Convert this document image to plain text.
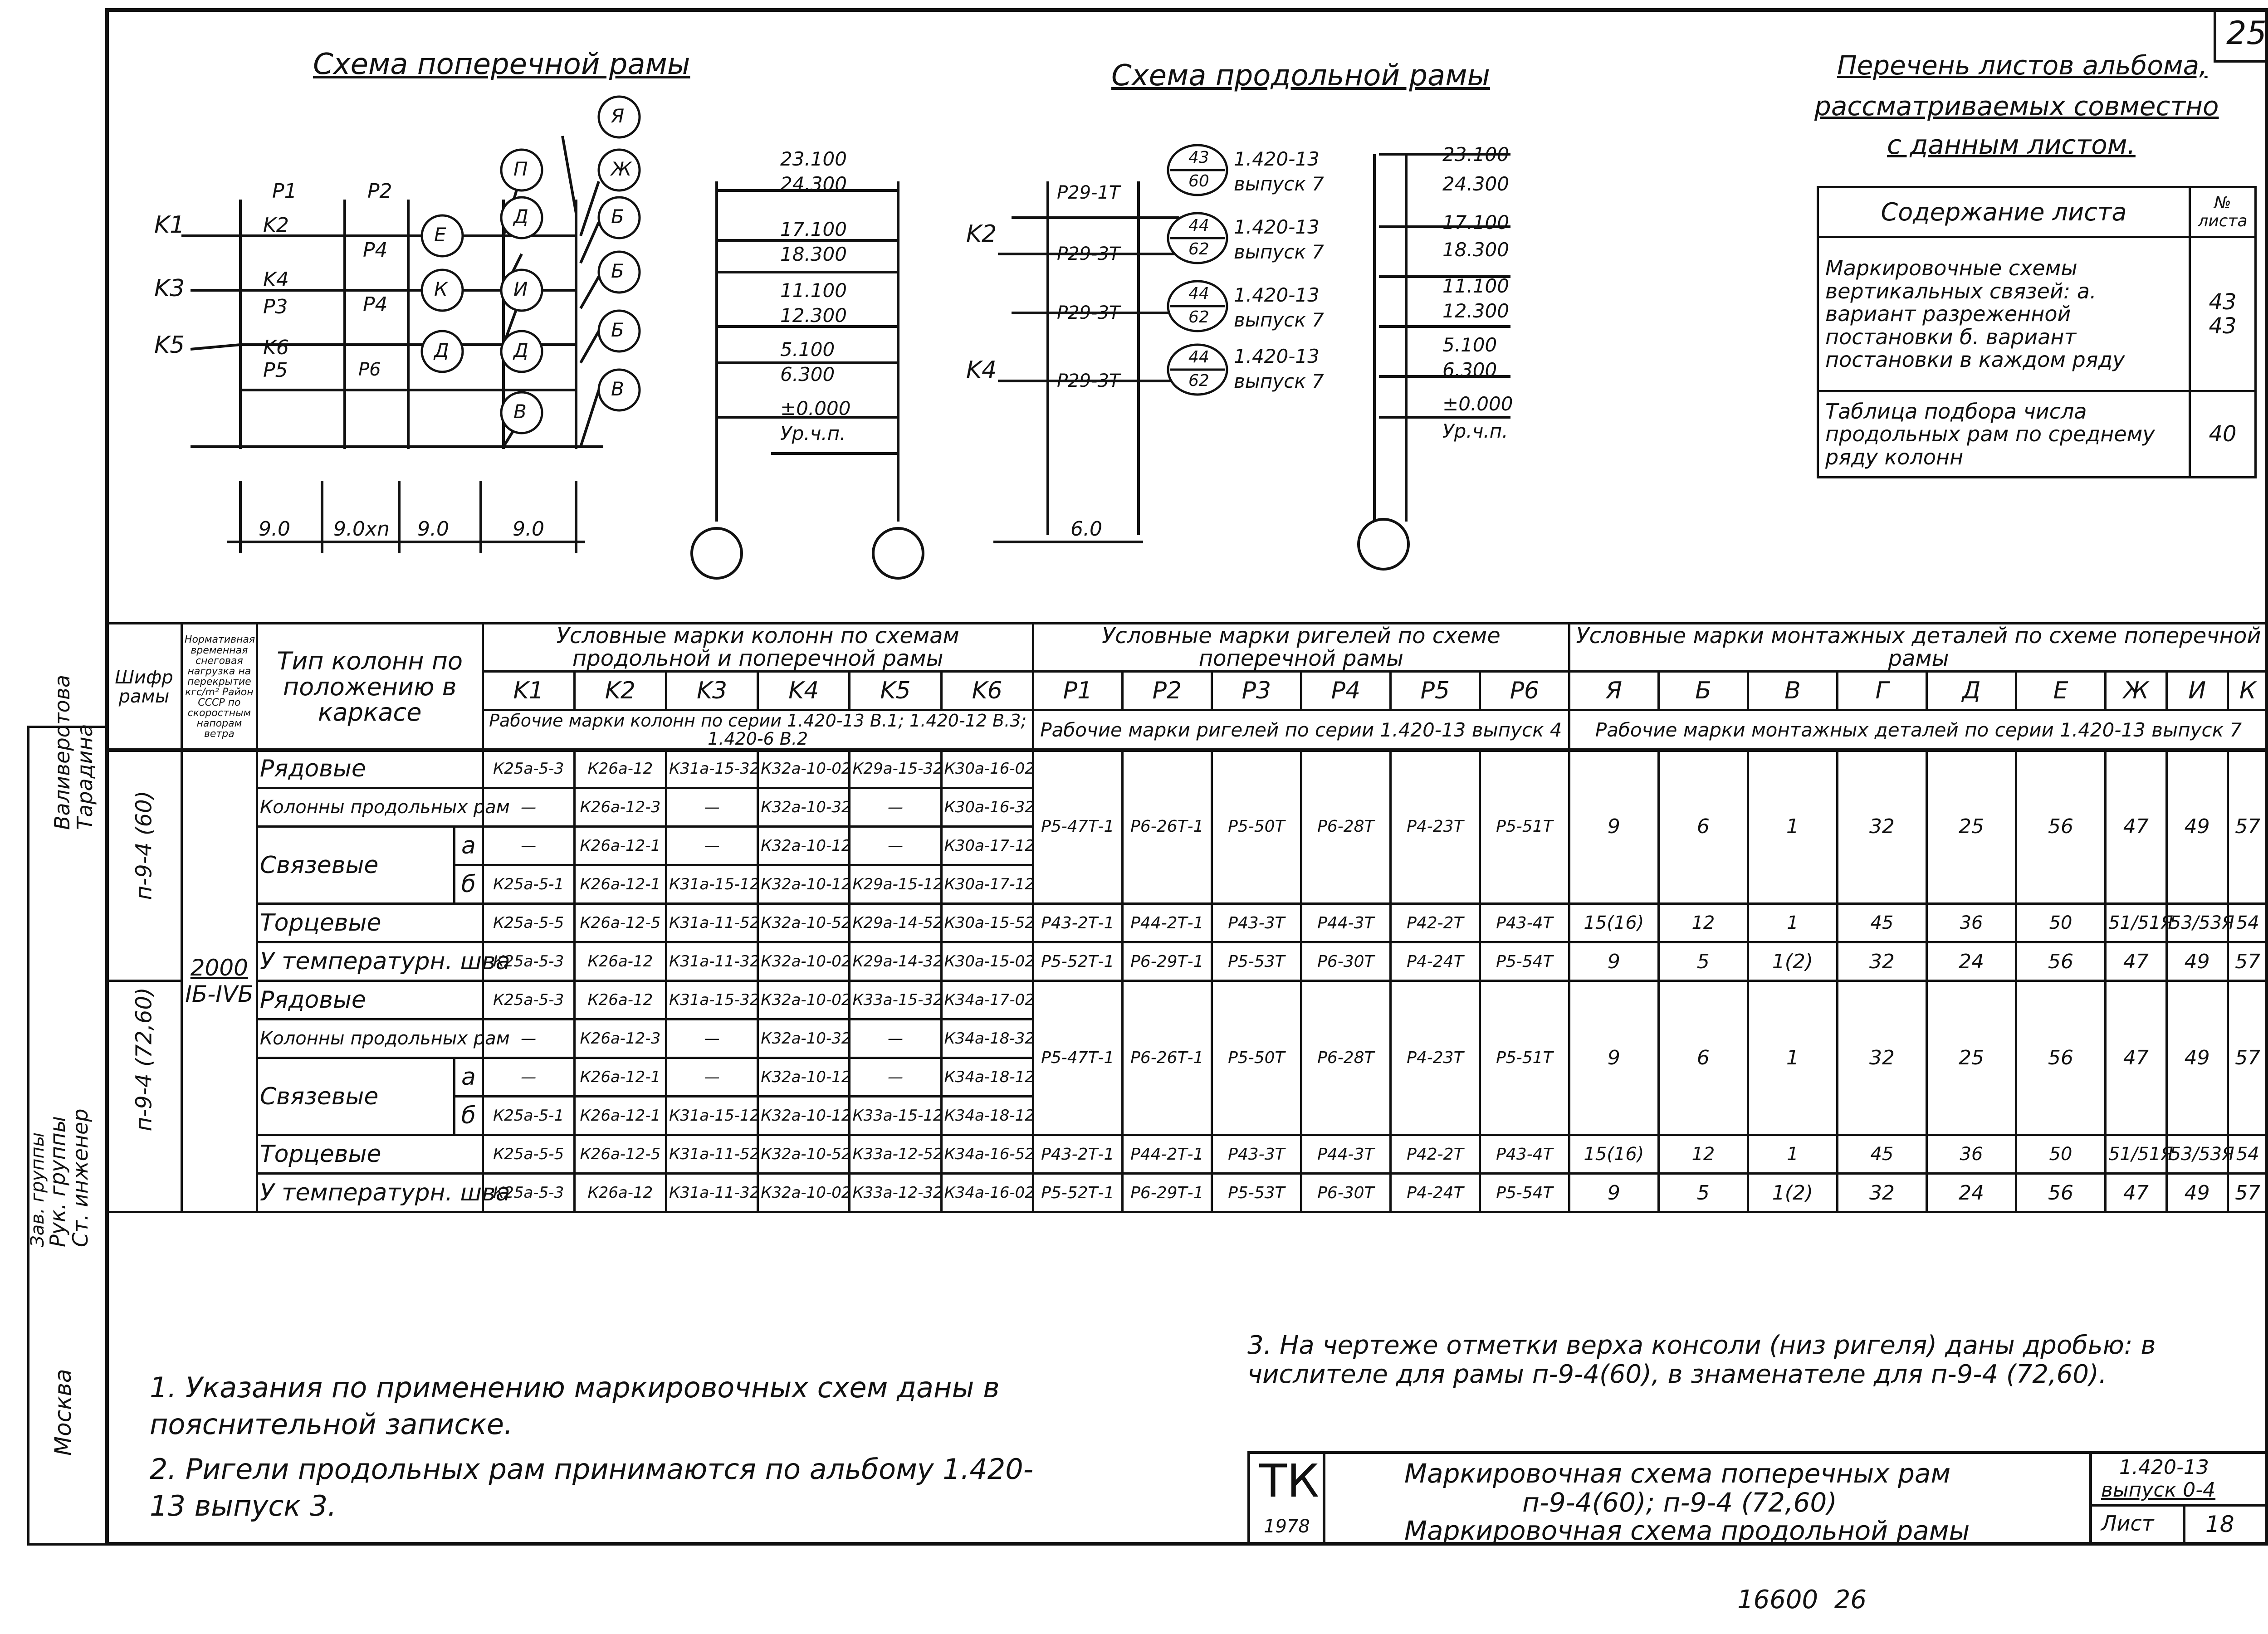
25
Схема поперечной рамы	Схема продольной рамы
K1
K3
K5
K2
K4
K6
P1	P2
P3
P4
P4
P5	P6
Я
Ж
П
Е
Д	Б
К	И
Б
Д	Д
Б
В
В
9.0 9.0хn 9.0	9.0
23.100
24.300
17.100
18.300
11.100
12.300
5.100
6.300
±0.000
Ур.ч.п.
K2
K4
P29-1Т
P29-3Т
P29-3Т
P29-3Т
6.0
43
60
1.420-13
выпуск 7
44
62
1.420-13
выпуск 7
44
62
1.420-13
выпуск 7
44
62
1.420-13
выпуск 7
23.100
24.300
17.100
18.300
11.100
12.300
5.100
6.300
±0.000
Ур.ч.п.
Перечень листов альбома,
рассматриваемых совместно
с данным листом.
Содержание листа	№ листа
Маркировочные схемы вертикальных связей: а. вариант разреженной постановки б. вариант постановки в каждом ряду	43
43
Таблица подбора числа продольных рам по среднему ряду колонн	40
Шифр рамы	Нормативная временная снеговая нагрузка на перекрытие кгс/m² Район СССР по скоростным напорам ветра	Тип колонн по положению в каркасе	Условные марки колонн по схемам продольной и поперечной рамы						Условные марки ригелей по схеме поперечной рамы						Условные марки монтажных деталей по схеме поперечной рамы								
			K1	K2	K3	K4	K5	K6	P1	P2	P3	P4	P5	P6	Я	Б	В	Г	Д	Е	Ж	И	К
			Рабочие марки колонн по серии 1.420-13 В.1; 1.420-12 В.3; 1.420-6 В.2						Рабочие марки ригелей по серии 1.420-13 выпуск 4						Рабочие марки монтажных деталей по серии 1.420-13 выпуск 7								
п-9-4 (60)	2000
IБ-IVБ	Рядовые		К25а-5-3	К26а-12	К31а-15-32	К32а-10-02	К29а-15-32	К30а-16-02	P5-47Т-1	P6-26Т-1	P5-50Т	P6-28Т	P4-23Т	P5-51Т	9	6	1	32	25	56	47	49	57
		Колонны продольных рам		—	К26а-12-3	—	К32а-10-32	—	К30а-16-32															
		Связевые	а	—	К26а-12-1	—	К32а-10-12	—	К30а-17-12															
			б	К25а-5-1	К26а-12-1	К31а-15-12	К32а-10-12	К29а-15-12	К30а-17-12															
		Торцевые		К25а-5-5	К26а-12-5	К31а-11-52	К32а-10-52	К29а-14-52	К30а-15-52	P43-2Т-1	P44-2Т-1	P43-3Т	P44-3Т	P42-2Т	P43-4Т	15(16)	12	1	45	36	50	51/51Я	53/53Я	54
		У температурн. шва		К25а-5-3	К26а-12	К31а-11-32	К32а-10-02	К29а-14-32	К30а-15-02	P5-52Т-1	P6-29Т-1	P5-53Т	P6-30Т	P4-24Т	P5-54Т	9	5	1(2)	32	24	56	47	49	57

п-9-4 (72,60)		Рядовые		К25а-5-3	К26а-12	К31а-15-32	К32а-10-02	К33а-15-32	К34а-17-02	P5-47Т-1	P6-26Т-1	P5-50Т	P6-28Т	P4-23Т	P5-51Т	9	6	1	32	25	56	47	49	57
		Колонны продольных рам		—	К26а-12-3	—	К32а-10-32	—	К34а-18-32															
		Связевые	а	—	К26а-12-1	—	К32а-10-12	—	К34а-18-12															
			б	К25а-5-1	К26а-12-1	К31а-15-12	К32а-10-12	К33а-15-12	К34а-18-12															
		Торцевые		К25а-5-5	К26а-12-5	К31а-11-52	К32а-10-52	К33а-12-52	К34а-16-52	P43-2Т-1	P44-2Т-1	P43-3Т	P44-3Т	P42-2Т	P43-4Т	15(16)	12	1	45	36	50	51/51Я	53/53Я	54
		У температурн. шва		К25а-5-3	К26а-12	К31а-11-32	К32а-10-02	К33а-12-32	К34а-16-02	P5-52Т-1	P6-29Т-1	P5-53Т	P6-30Т	P4-24Т	P5-54Т	9	5	1(2)	32	24	56	47	49	57
1. Указания по применению маркировочных схем даны в пояснительной записке.
2. Ригели продольных рам принимаются по альбому 1.420-13 выпуск 3.
3. На чертеже отметки верха консоли (низ ригеля) даны дробью: в числителе для рамы п-9-4(60), в знаменателе для п-9-4 (72,60).
ТК
1978
Маркировочная схема поперечных рам
п-9-4(60); п-9-4 (72,60)
Маркировочная схема продольной рамы
1.420-13
выпуск 0-4
Лист 18
Валиверотова
Тарадина
Рук. группы
Ст. инженер
Зав. группы
Москва
16600  26
